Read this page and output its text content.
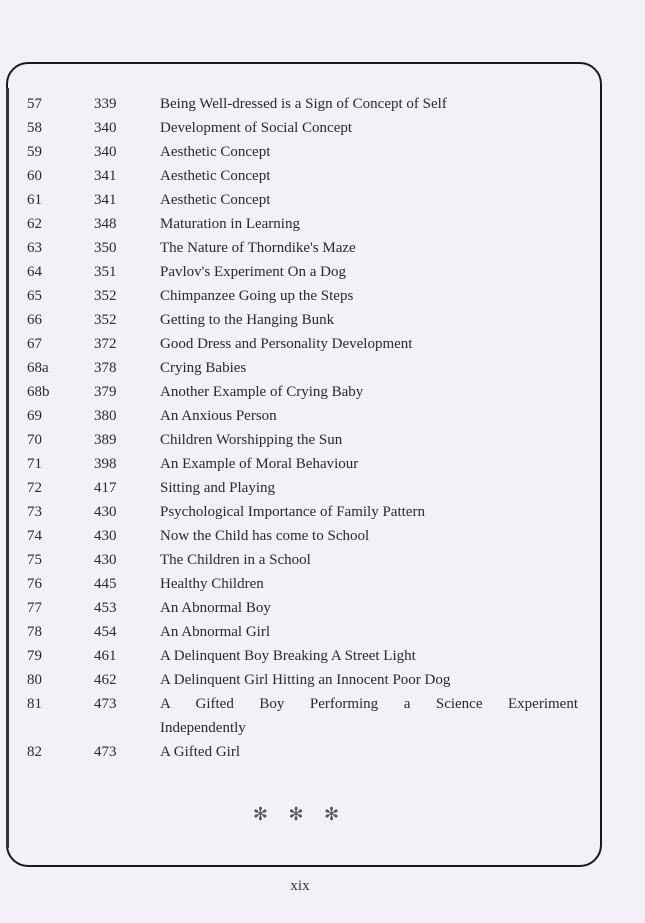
57	339	Being Well-dressed is a Sign of Concept of Self
58	340	Development of Social Concept
59	340	Aesthetic Concept
60	341	Aesthetic Concept
61	341	Aesthetic Concept
62	348	Maturation in Learning
63	350	The Nature of Thorndike's Maze
64	351	Pavlov's Experiment On a Dog
65	352	Chimpanzee Going up the Steps
66	352	Getting to the Hanging Bunk
67	372	Good Dress and Personality Development
68a	378	Crying Babies
68b	379	Another Example of Crying Baby
69	380	An Anxious Person
70	389	Children Worshipping the Sun
71	398	An Example of Moral Behaviour
72	417	Sitting and Playing
73	430	Psychological Importance of Family Pattern
74	430	Now the Child has come to School
75	430	The Children in a School
76	445	Healthy Children
77	453	An Abnormal Boy
78	454	An Abnormal Girl
79	461	A Delinquent Boy Breaking A Street Light
80	462	A Delinquent Girl Hitting an Innocent Poor Dog
81	473	A Gifted Boy Performing a Science Experiment
Independently
82	473	A Gifted Girl
✻ ✻ ✻
xix
